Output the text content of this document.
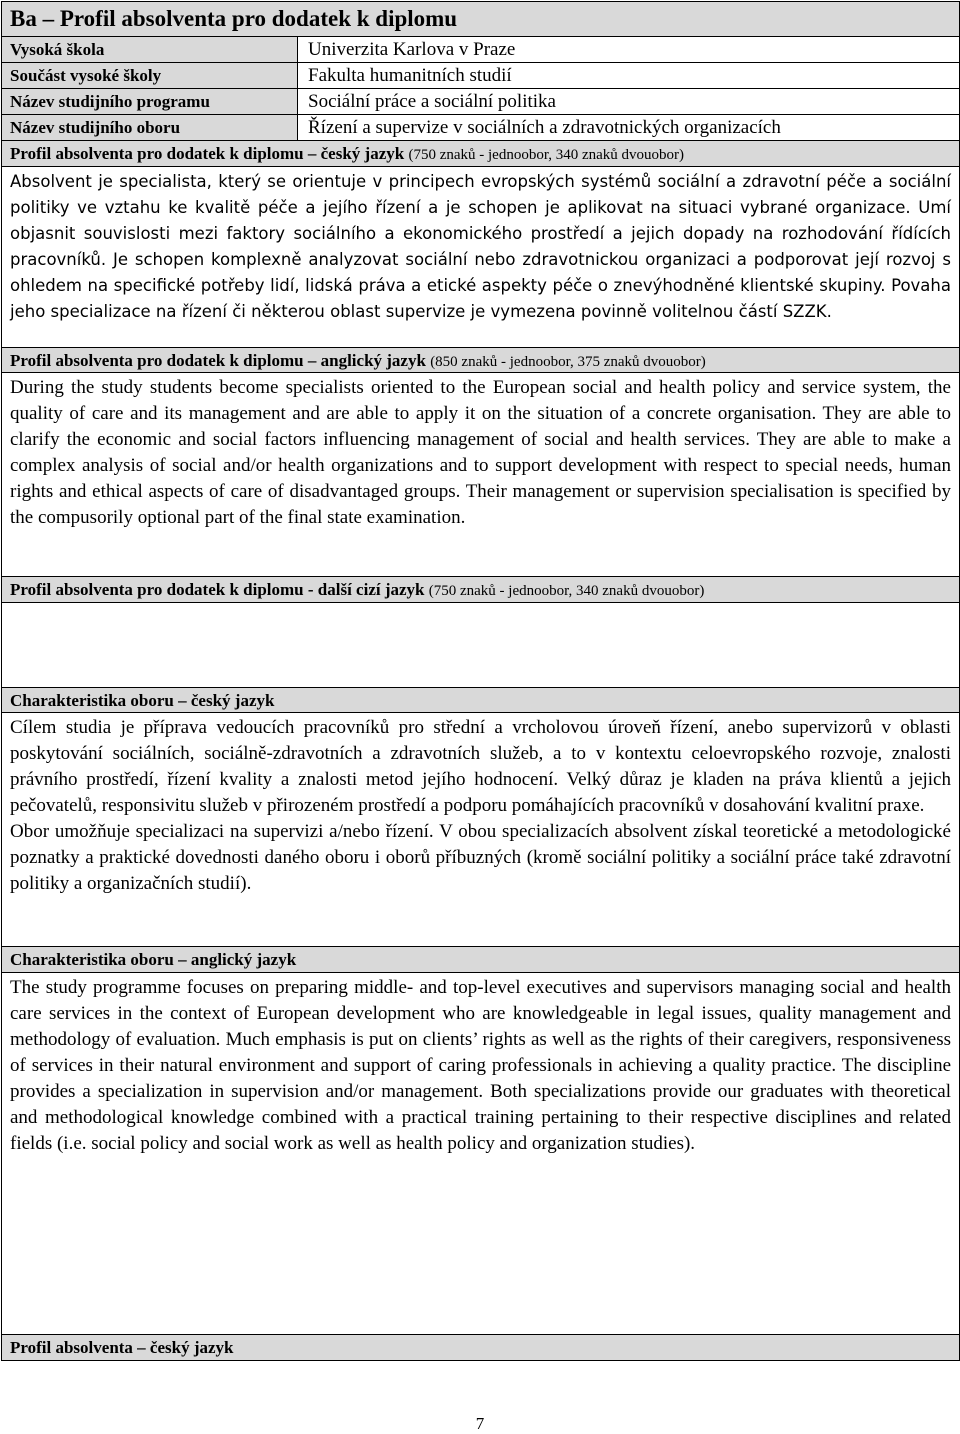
Ba – Profil absolventa pro dodatek k diplomu
Vysoká škola	Univerzita Karlova v Praze
Součást vysoké školy	Fakulta humanitních studií
Název studijního programu	Sociální práce a sociální politika
Název studijního oboru	Řízení a supervize v sociálních a zdravotnických organizacích
Profil absolventa pro dodatek k diplomu – český jazyk (750 znaků - jednoobor, 340 znaků dvouobor)

Absolvent je specialista, který se orientuje v principech evropských systémů sociální a zdravotní péče a sociální politiky ve vztahu ke kvalitě péče a jejího řízení a je schopen je aplikovat na situaci vybrané organizace. Umí objasnit souvislosti mezi faktory sociálního a ekonomického prostředí a jejich dopady na rozhodování řídících pracovníků. Je schopen komplexně analyzovat sociální nebo zdravotnickou organizaci a podporovat její rozvoj s ohledem na specifické potřeby lidí, lidská práva a etické aspekty péče o znevýhodněné klientské skupiny. Povaha jeho specializace na řízení či některou oblast supervize je vymezena povinně volitelnou částí SZZK.

Profil absolventa pro dodatek k diplomu – anglický jazyk (850 znaků - jednoobor, 375 znaků dvouobor)

During the study students become specialists oriented to the European social and health policy and service system, the quality of care and its management and are able to apply it on the situation of a concrete organisation. They are able to clarify the economic and social factors influencing management of social and health services. They are able to make a complex analysis of social and/or health organizations and to support development with respect to special needs, human rights and ethical aspects of care of disadvantaged groups. Their management or supervision specialisation is specified by the compusorily optional part of the final state examination.

Profil absolventa pro dodatek k diplomu - další cizí jazyk (750 znaků - jednoobor, 340 znaků dvouobor)

Charakteristika oboru – český jazyk

Cílem studia je příprava vedoucích pracovníků pro střední a vrcholovou úroveň řízení, anebo supervizorů v oblasti poskytování sociálních, sociálně-zdravotních a zdravotních služeb, a to v kontextu celoevropského rozvoje, znalosti právního prostředí, řízení kvality a znalosti metod jejího hodnocení. Velký důraz je kladen na práva klientů a jejich pečovatelů, responsivitu služeb v přirozeném prostředí a podporu pomáhajících pracovníků v dosahování kvalitní praxe.

Obor umožňuje specializaci na supervizi a/nebo řízení. V obou specializacích absolvent získal teoretické a metodologické poznatky a praktické dovednosti daného oboru i oborů příbuzných (kromě sociální politiky a sociální práce také zdravotní politiky a organizačních studií).

Charakteristika oboru – anglický jazyk

The study programme focuses on preparing middle- and top-level executives and supervisors managing social and health care services in the context of European development who are knowledgeable in legal issues, quality management and methodology of evaluation. Much emphasis is put on clients’ rights as well as the rights of their caregivers, responsiveness of services in their natural environment and support of caring professionals in achieving a quality practice. The discipline provides a specialization in supervision and/or management. Both specializations provide our graduates with theoretical and methodological knowledge combined with a practical training pertaining to their respective disciplines and related fields (i.e. social policy and social work as well as health policy and organization studies).

Profil absolventa – český jazyk
7
